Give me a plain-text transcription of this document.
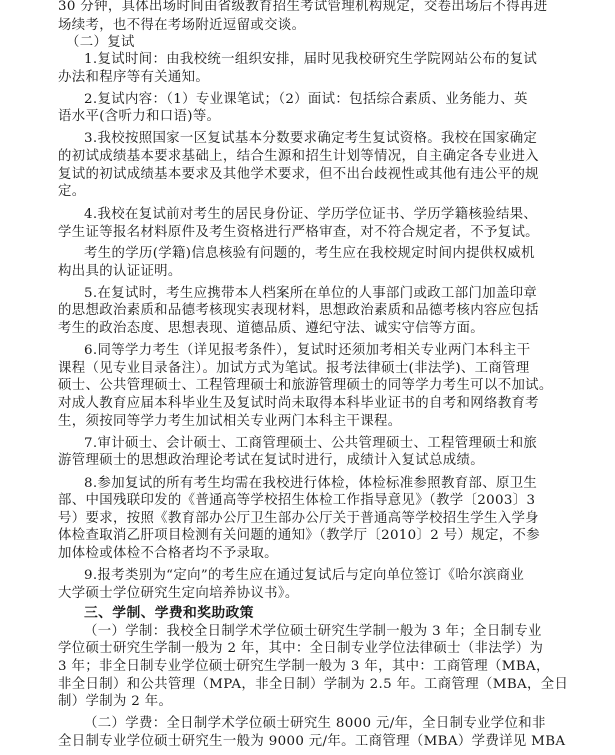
30 分钟，具体出场时间由省级教育招生考试管理机构规定，交卷出场后不得再进
场续考，也不得在考场附近逗留或交谈。
（二）复试
1.复试时间：由我校统一组织安排，届时见我校研究生学院网站公布的复试
办法和程序等有关通知。
2.复试内容：（1）专业课笔试；（2）面试：包括综合素质、业务能力、英
语水平(含听力和口语)等。
3.我校按照国家一区复试基本分数要求确定考生复试资格。我校在国家确定
的初试成绩基本要求基础上，结合生源和招生计划等情况，自主确定各专业进入
复试的初试成绩基本要求及其他学术要求，但不出台歧视性或其他有违公平的规
定。
4.我校在复试前对考生的居民身份证、学历学位证书、学历学籍核验结果、
学生证等报名材料原件及考生资格进行严格审查，对不符合规定者，不予复试。
考生的学历(学籍)信息核验有问题的，考生应在我校规定时间内提供权威机
构出具的认证证明。
5.在复试时，考生应携带本人档案所在单位的人事部门或政工部门加盖印章
的思想政治素质和品德考核现实表现材料，思想政治素质和品德考核内容应包括
考生的政治态度、思想表现、道德品质、遵纪守法、诚实守信等方面。
6.同等学力考生（详见报考条件），复试时还须加考相关专业两门本科主干
课程（见专业目录备注）。加试方式为笔试。报考法律硕士(非法学)、工商管理
硕士、公共管理硕士、工程管理硕士和旅游管理硕士的同等学力考生可以不加试。
对成人教育应届本科毕业生及复试时尚未取得本科毕业证书的自考和网络教育考
生，须按同等学力考生加试相关专业两门本科主干课程。
7.审计硕士、会计硕士、工商管理硕士、公共管理硕士、工程管理硕士和旅
游管理硕士的思想政治理论考试在复试时进行，成绩计入复试总成绩。
8.参加复试的所有考生均需在我校进行体检，体检标准参照教育部、原卫生
部、中国残联印发的《普通高等学校招生体检工作指导意见》（教学〔2003〕3
号）要求，按照《教育部办公厅卫生部办公厅关于普通高等学校招生学生入学身
体检查取消乙肝项目检测有关问题的通知》（教学厅〔2010〕2 号）规定，不参
加体检或体检不合格者均不予录取。
9.报考类别为“定向”的考生应在通过复试后与定向单位签订《哈尔滨商业
大学硕士学位研究生定向培养协议书》。
三、学制、学费和奖助政策
（一）学制：我校全日制学术学位硕士研究生学制一般为 3 年；全日制专业
学位硕士研究生学制一般为 2 年，其中：全日制专业学位法律硕士（非法学）为
3 年；非全日制专业学位硕士研究生学制一般为 3 年，其中：工商管理（MBA，
非全日制）和公共管理（MPA，非全日制）学制为 2.5 年。工商管理（MBA，全日
制）学制为 2 年。
（二）学费：全日制学术学位硕士研究生 8000 元/年，全日制专业学位和非
全日制专业学位硕士研究生一般为 9000 元/年。工商管理（MBA）学费详见 MBA
